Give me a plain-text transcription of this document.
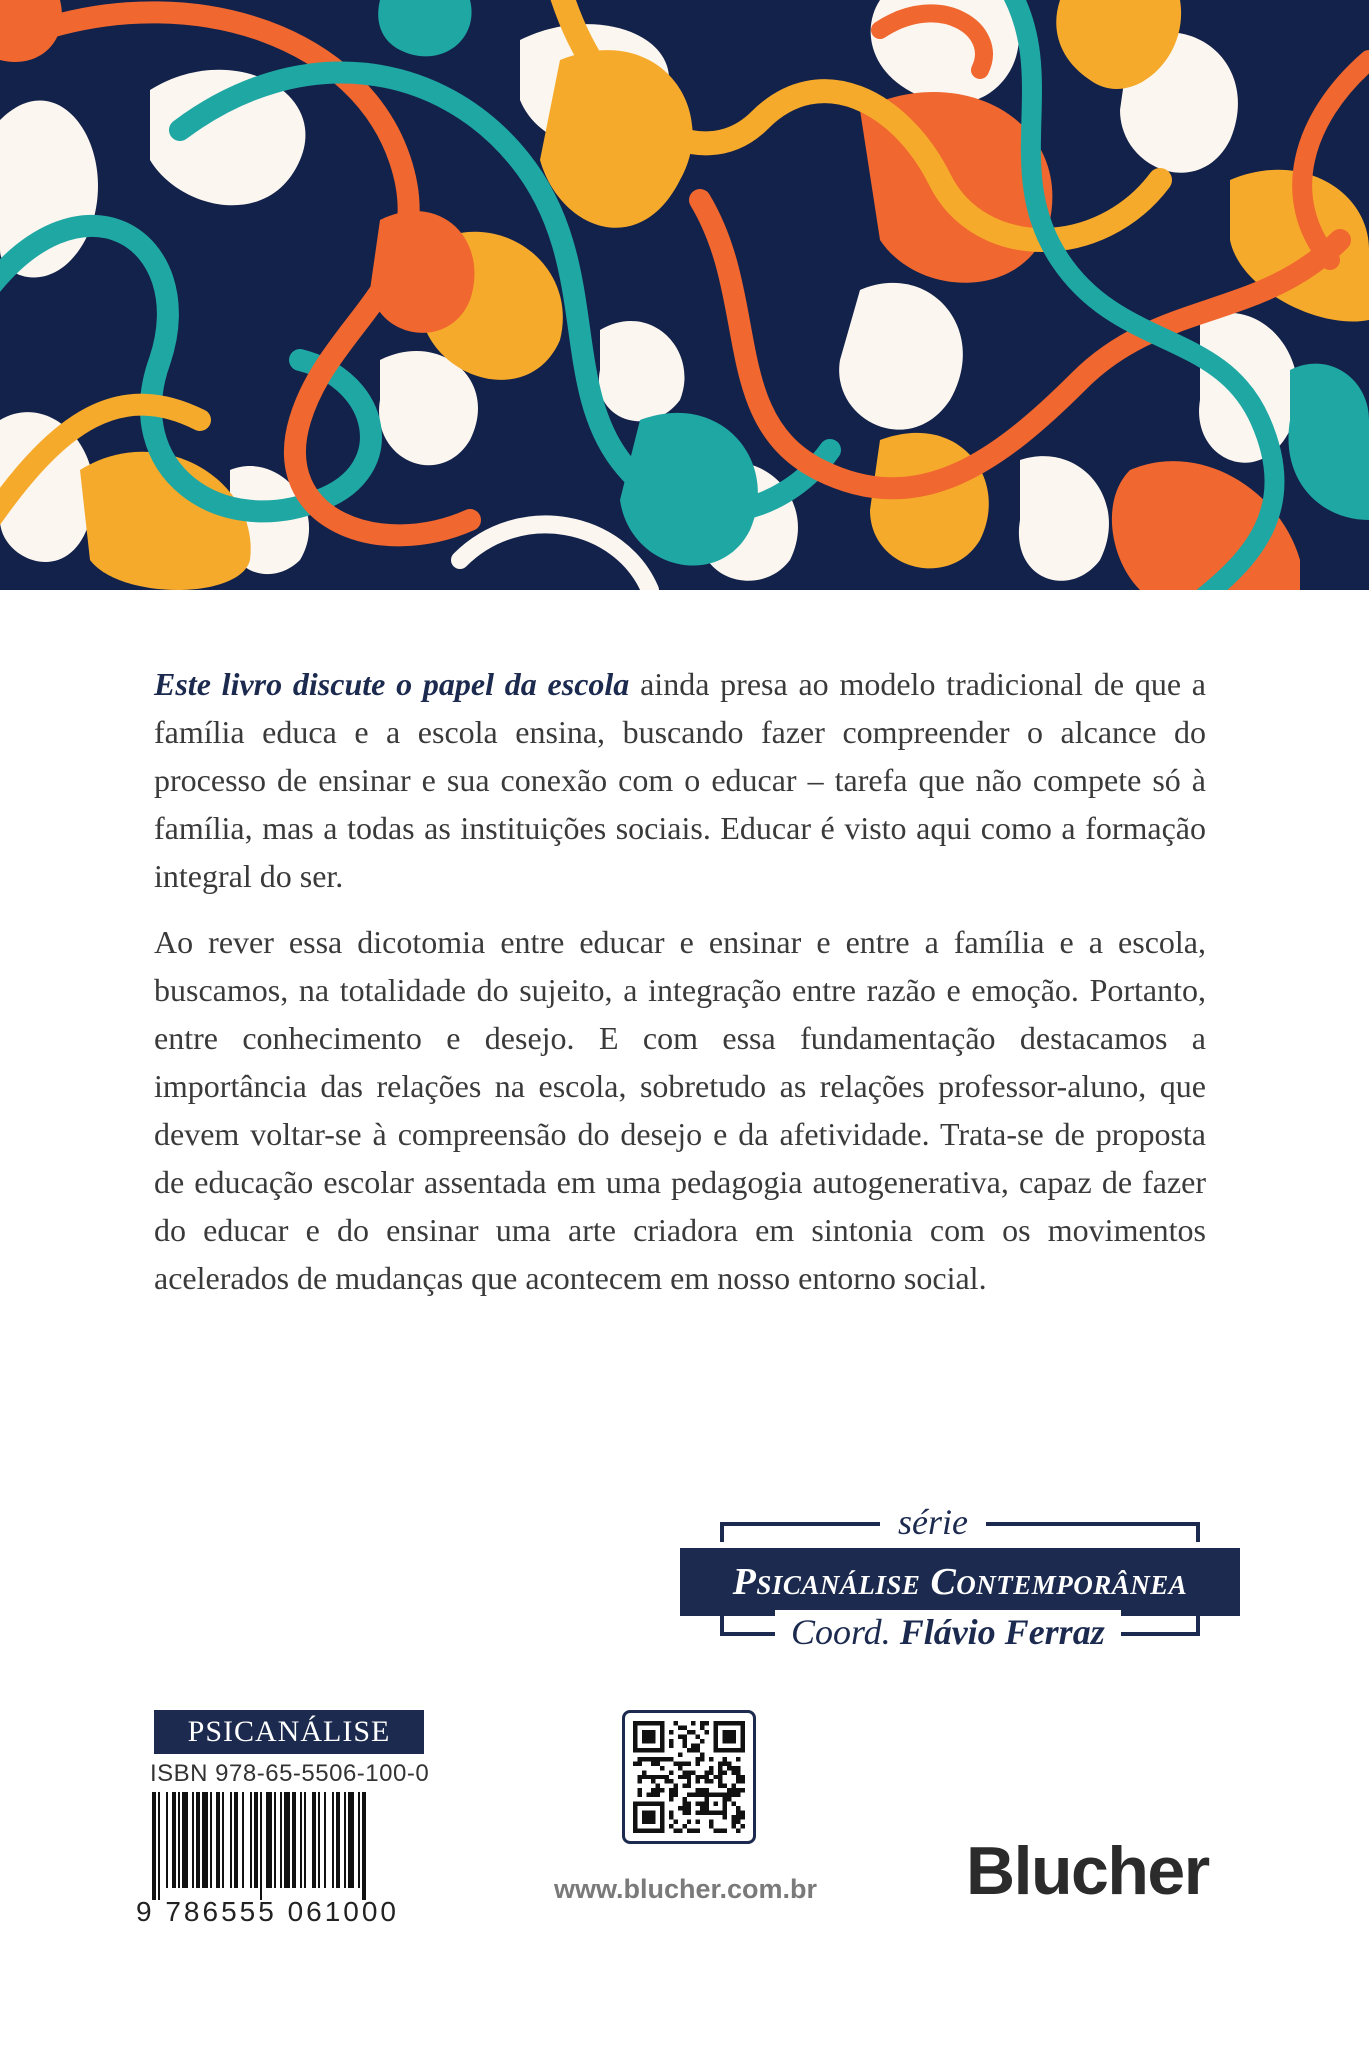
Este livro discute o papel da escola ainda presa ao modelo tradicional de que a família educa e a escola ensina, buscando fazer compreender o alcance do processo de ensinar e sua conexão com o educar – tarefa que não compete só à família, mas a todas as instituições sociais. Educar é visto aqui como a formação integral do ser.

Ao rever essa dicotomia entre educar e ensinar e entre a família e a escola, buscamos, na totalidade do sujeito, a integração entre razão e emoção. Portanto, entre conhecimento e desejo. E com essa fundamentação destacamos a importância das relações na escola, sobretudo as relações professor-aluno, que devem voltar-se à compreensão do desejo e da afetividade. Trata-se de proposta de educação escolar assentada em uma pedagogia autogenerativa, capaz de fazer do educar e do ensinar uma arte criadora em sintonia com os movimentos acelerados de mudanças que acontecem em nosso entorno social.

série
Psicanálise Contemporânea
Coord. Flávio Ferraz
PSICANÁLISE
ISBN 978-65-5506-100-0
9 786555 061000
www.blucher.com.br Blucher
